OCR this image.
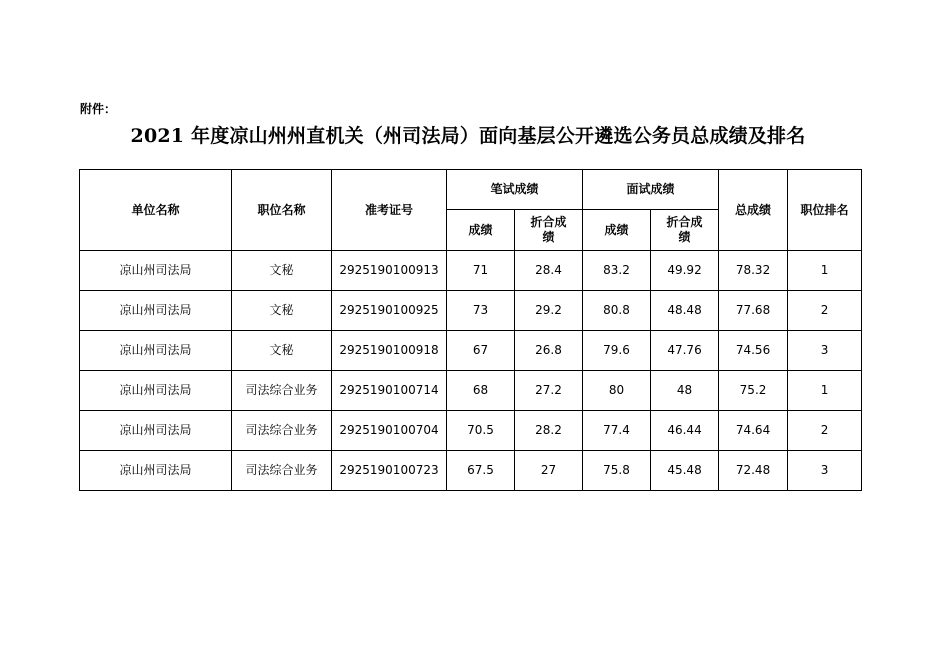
附件：
2021 年度凉山州州直机关（州司法局）面向基层公开遴选公务员总成绩及排名
单位名称	职位名称	准考证号	笔试成绩		面试成绩		总成绩	职位排名
			成绩	折合成绩	成绩	折合成绩		
凉山州司法局	文秘	2925190100913	71	28.4	83.2	49.92	78.32	1
凉山州司法局	文秘	2925190100925	73	29.2	80.8	48.48	77.68	2
凉山州司法局	文秘	2925190100918	67	26.8	79.6	47.76	74.56	3
凉山州司法局	司法综合业务	2925190100714	68	27.2	80	48	75.2	1
凉山州司法局	司法综合业务	2925190100704	70.5	28.2	77.4	46.44	74.64	2
凉山州司法局	司法综合业务	2925190100723	67.5	27	75.8	45.48	72.48	3
